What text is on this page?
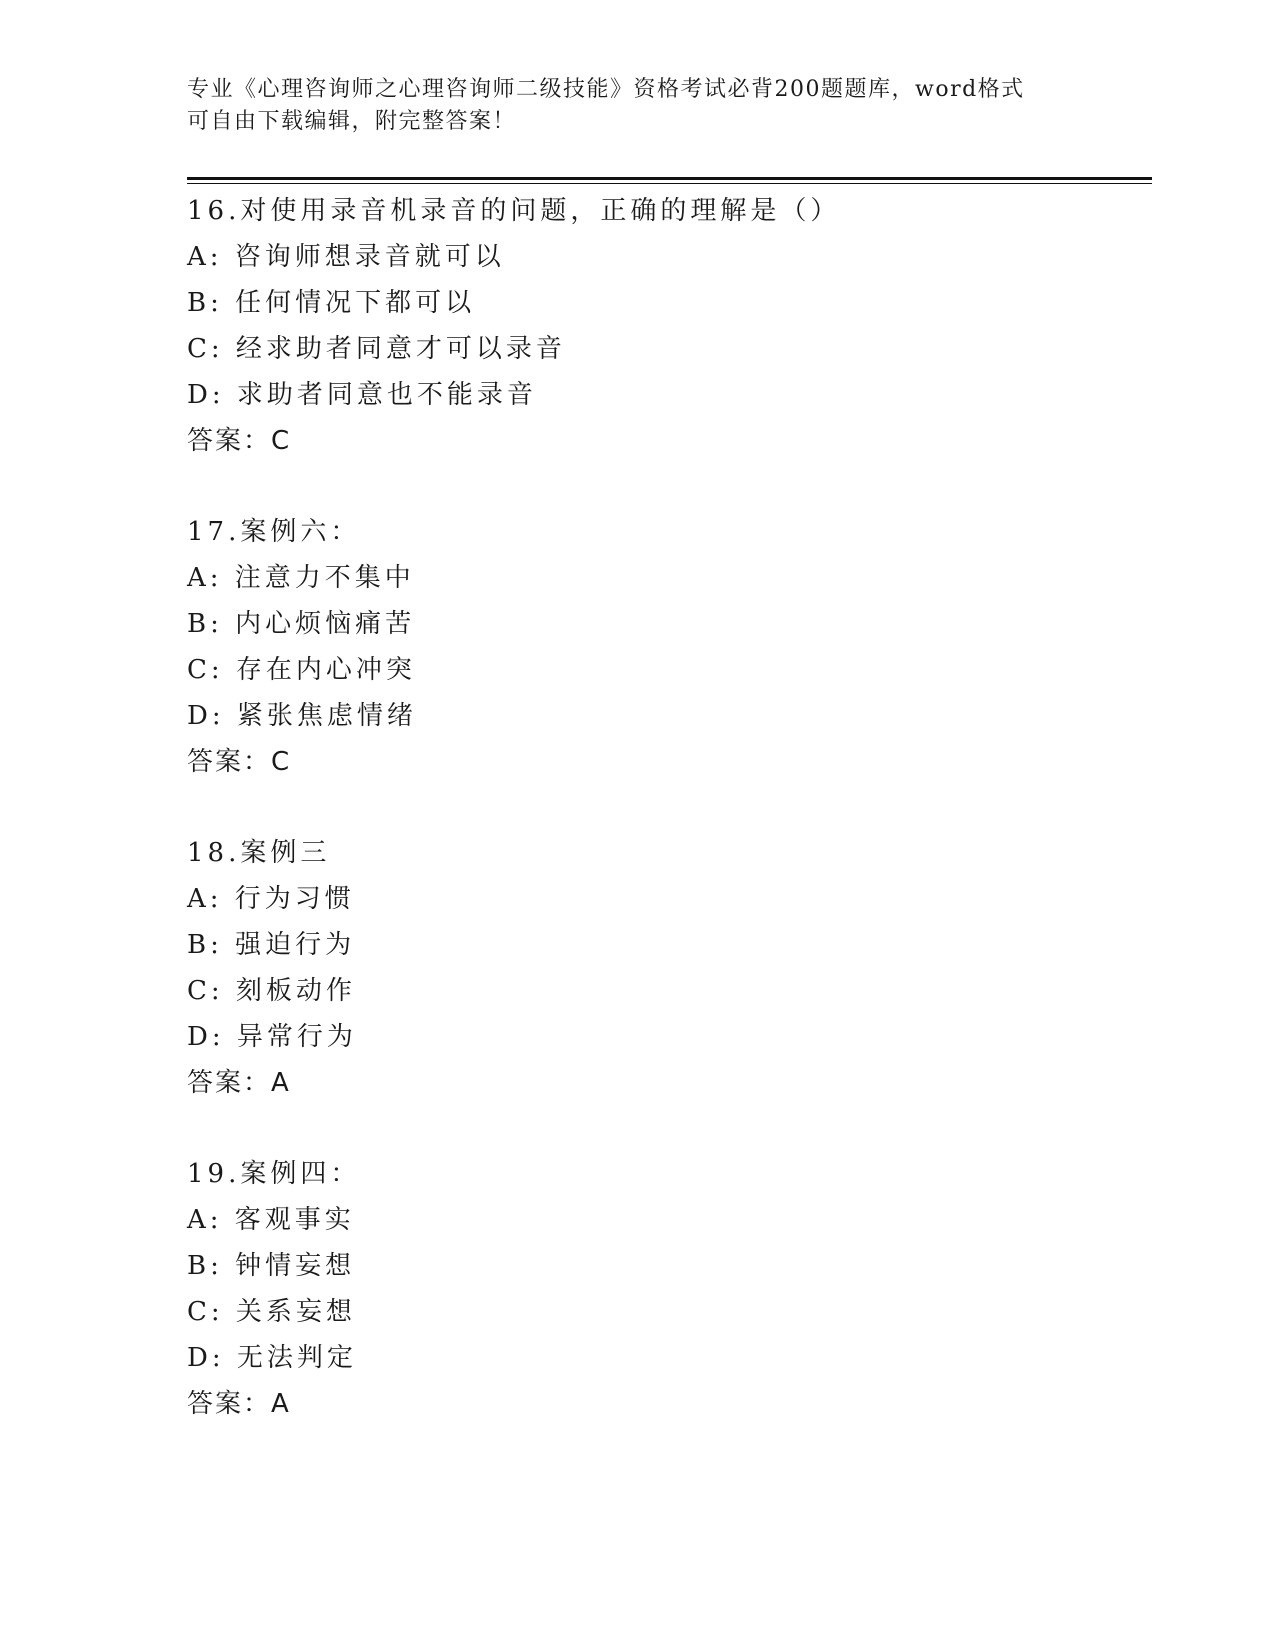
专业《心理咨询师之心理咨询师二级技能》资格考试必背200题题库，word格式
可自由下载编辑，附完整答案！
16.对使用录音机录音的问题，正确的理解是（）
A: 咨询师想录音就可以
B: 任何情况下都可以
C: 经求助者同意才可以录音
D: 求助者同意也不能录音
答案：C
17.案例六：
A: 注意力不集中
B: 内心烦恼痛苦
C: 存在内心冲突
D: 紧张焦虑情绪
答案：C
18.案例三
A: 行为习惯
B: 强迫行为
C: 刻板动作
D: 异常行为
答案：A
19.案例四：
A: 客观事实
B: 钟情妄想
C: 关系妄想
D: 无法判定
答案：A
